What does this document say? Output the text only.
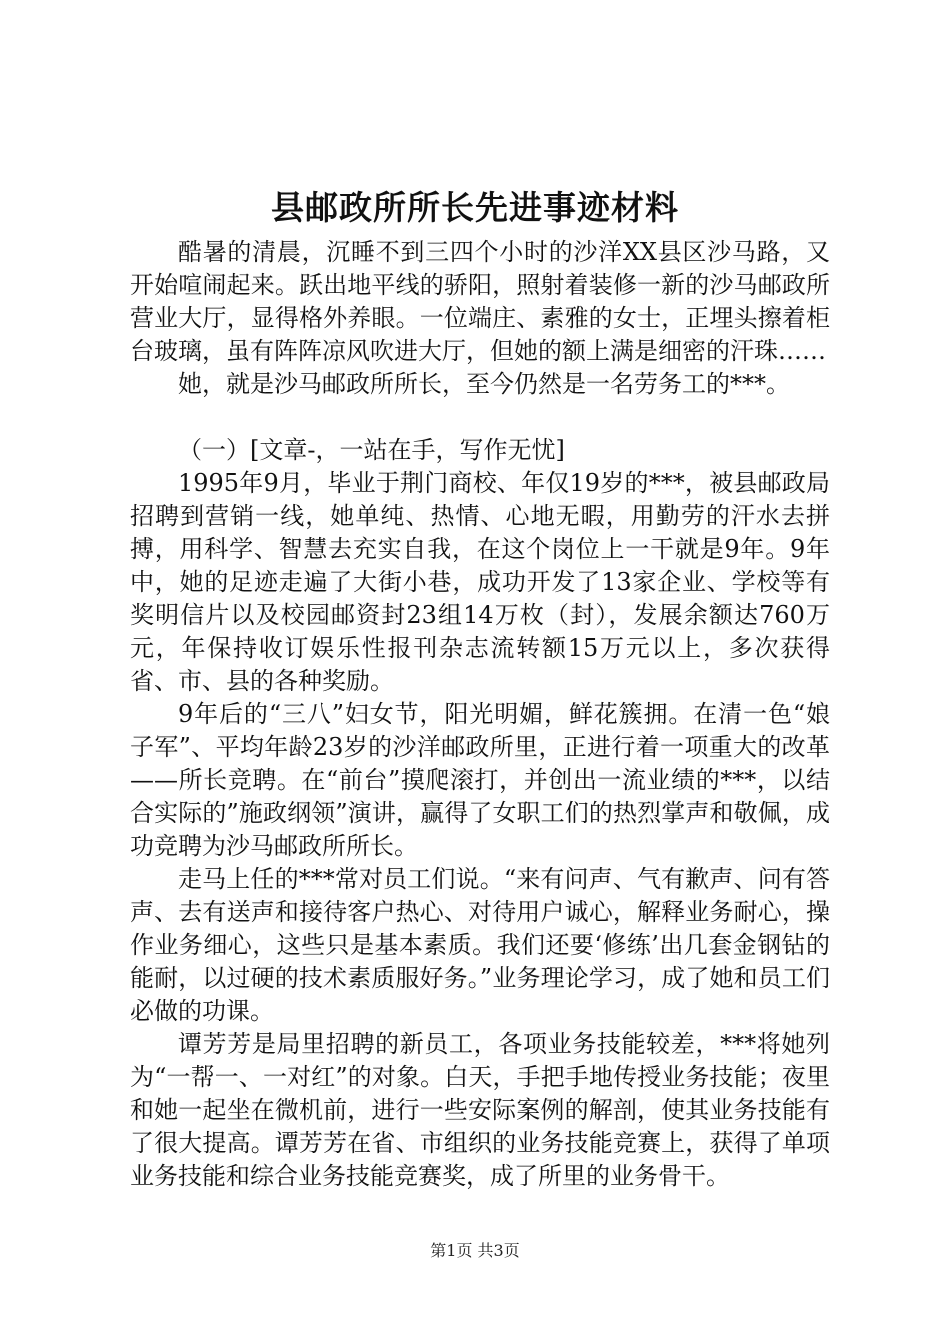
县邮政所所长先进事迹材料

酷暑的清晨，沉睡不到三四个小时的沙洋XX县区沙马路，又开始喧闹起来。跃出地平线的骄阳，照射着装修一新的沙马邮政所营业大厅，显得格外养眼。一位端庄、素雅的女士，正埋头擦着柜台玻璃，虽有阵阵凉风吹进大厅，但她的额上满是细密的汗珠……

她，就是沙马邮政所所长，至今仍然是一名劳务工的***。

（一）[文章-，一站在手，写作无忧]

1995年9月，毕业于荆门商校、年仅19岁的***，被县邮政局招聘到营销一线，她单纯、热情、心地无暇，用勤劳的汗水去拼搏，用科学、智慧去充实自我，在这个岗位上一干就是9年。9年中，她的足迹走遍了大街小巷，成功开发了13家企业、学校等有奖明信片以及校园邮资封23组14万枚（封），发展余额达760万元，年保持收订娱乐性报刊杂志流转额15万元以上，多次获得省、市、县的各种奖励。

9年后的“三八”妇女节，阳光明媚，鲜花簇拥。在清一色“娘子军”、平均年龄23岁的沙洋邮政所里，正进行着一项重大的改革——所长竞聘。在“前台”摸爬滚打，并创出一流业绩的***，以结合实际的”施政纲领”演讲，赢得了女职工们的热烈掌声和敬佩，成功竞聘为沙马邮政所所长。

走马上任的***常对员工们说。“来有问声、气有歉声、问有答声、去有送声和接待客户热心、对待用户诚心，解释业务耐心，操作业务细心，这些只是基本素质。我们还要‘修练’出几套金钢钻的能耐，以过硬的技术素质服好务。”业务理论学习，成了她和员工们必做的功课。

谭芳芳是局里招聘的新员工，各项业务技能较差，***将她列为“一帮一、一对红”的对象。白天，手把手地传授业务技能；夜里和她一起坐在微机前，进行一些安际案例的解剖，使其业务技能有了很大提高。谭芳芳在省、市组织的业务技能竞赛上，获得了单项业务技能和综合业务技能竞赛奖，成了所里的业务骨干。

第1页 共3页
